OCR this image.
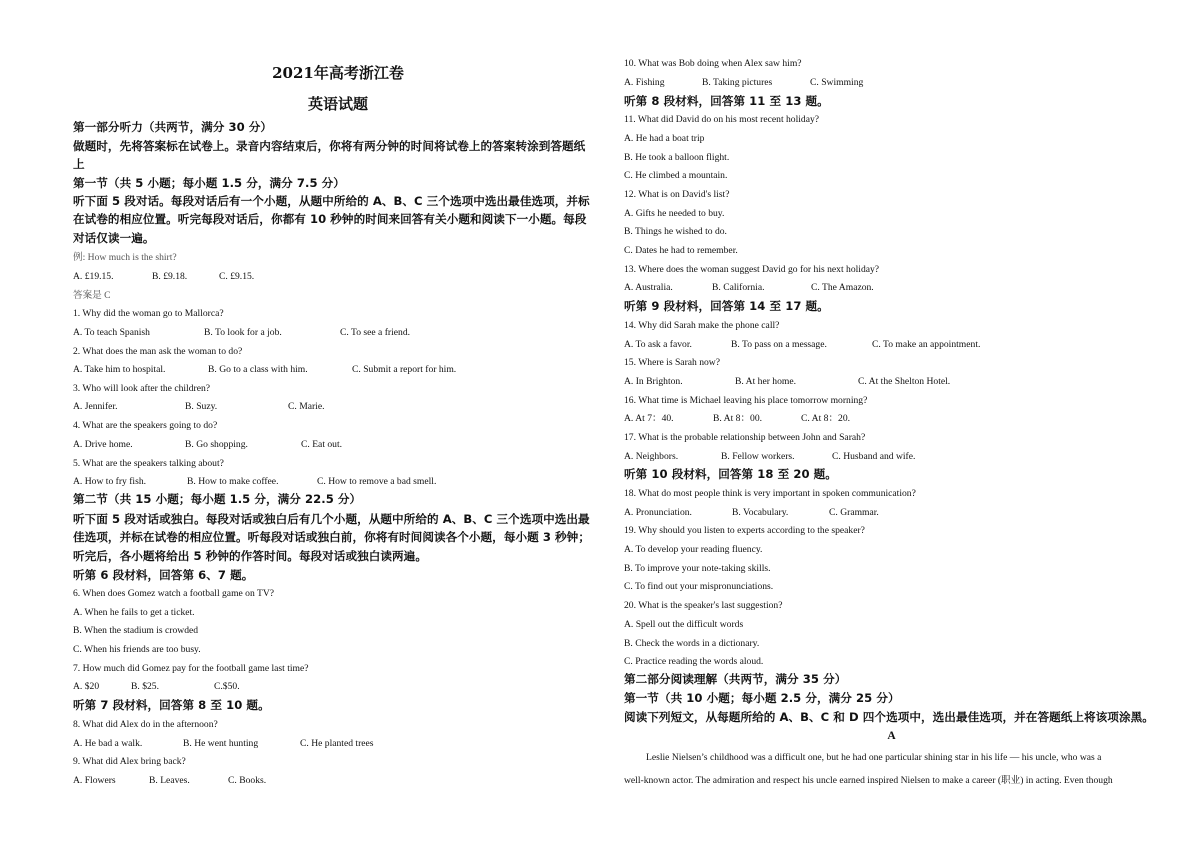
2021年高考浙江卷
英语试题
第一部分听力（共两节，满分 30 分）
做题时，先将答案标在试卷上。录音内容结束后，你将有两分钟的时间将试卷上的答案转涂到答题纸
上
第一节（共 5 小题；每小题 1.5 分，满分 7.5 分）
听下面 5 段对话。每段对话后有一个小题，从题中所给的 A、B、C 三个选项中选出最佳选项，并标
在试卷的相应位置。听完每段对话后，你都有 10 秒钟的时间来回答有关小题和阅读下一小题。每段
对话仅读一遍。
例: How much is the shirt?
A. £19.15.	B. £9.18.	C. £9.15.
答案是 C
1. Why did the woman go to Mallorca?
A. To teach Spanish	B. To look for a job.	C. To see a friend.
2. What does the man ask the woman to do?
A. Take him to hospital.	B. Go to a class with him.	C. Submit a report for him.
3. Who will look after the children?
A. Jennifer.	B. Suzy.	C. Marie.
4. What are the speakers going to do?
A. Drive home.	B. Go shopping.	C. Eat out.
5. What are the speakers talking about?
A. How to fry fish.	B. How to make coffee.	C. How to remove a bad smell.
第二节（共 15 小题；每小题 1.5 分，满分 22.5 分）
听下面 5 段对话或独白。每段对话或独白后有几个小题，从题中所给的 A、B、C 三个选项中选出最
佳选项，并标在试卷的相应位置。听每段对话或独白前，你将有时间阅读各个小题，每小题 3 秒钟；
听完后，各小题将给出 5 秒钟的作答时间。每段对话或独白读两遍。
听第 6 段材料，回答第 6、7 题。
6. When does Gomez watch a football game on TV?
A. When he fails to get a ticket.
B. When the stadium is crowded
C. When his friends are too busy.
7. How much did Gomez pay for the football game last time?
A. $20	B. $25.	C.$50.
听第 7 段材料，回答第 8 至 10 题。
8. What did Alex do in the afternoon?
A. He bad a walk.	B. He went hunting	C. He planted trees
9. What did Alex bring back?
A. Flowers	B. Leaves.	C. Books.
10. What was Bob doing when Alex saw him?
A. Fishing	B. Taking pictures	C. Swimming
听第 8 段材料，回答第 11 至 13 题。
11. What did David do on his most recent holiday?
A. He had a boat trip
B. He took a balloon flight.
C. He climbed a mountain.
12. What is on David's list?
A. Gifts he needed to buy.
B. Things he wished to do.
C. Dates he had to remember.
13. Where does the woman suggest David go for his next holiday?
A. Australia.	B. California.	C. The Amazon.
听第 9 段材料，回答第 14 至 17 题。
14. Why did Sarah make the phone call?
A. To ask a favor.	B. To pass on a message.	C. To make an appointment.
15. Where is Sarah now?
A. In Brighton.	B. At her home.	C. At the Shelton Hotel.
16. What time is Michael leaving his place tomorrow morning?
A. At 7：40.	B. At 8：00.	C. At 8：20.
17. What is the probable relationship between John and Sarah?
A. Neighbors.	B. Fellow workers.	C. Husband and wife.
听第 10 段材料，回答第 18 至 20 题。
18. What do most people think is very important in spoken communication?
A. Pronunciation.	B. Vocabulary.	C. Grammar.
19. Why should you listen to experts according to the speaker?
A. To develop your reading fluency.
B. To improve your note-taking skills.
C. To find out your mispronunciations.
20. What is the speaker's last suggestion?
A. Spell out the difficult words
B. Check the words in a dictionary.
C. Practice reading the words aloud.
第二部分阅读理解（共两节，满分 35 分）
第一节（共 10 小题；每小题 2.5 分，满分 25 分）
阅读下列短文，从每题所给的 A、B、C 和 D 四个选项中，选出最佳选项，并在答题纸上将该项涂黑。
A
Leslie Nielsen’s childhood was a difficult one, but he had one particular shining star in his life — his uncle, who was a
well-known actor. The admiration and respect his uncle earned inspired Nielsen to make a career (职业) in acting. Even though
